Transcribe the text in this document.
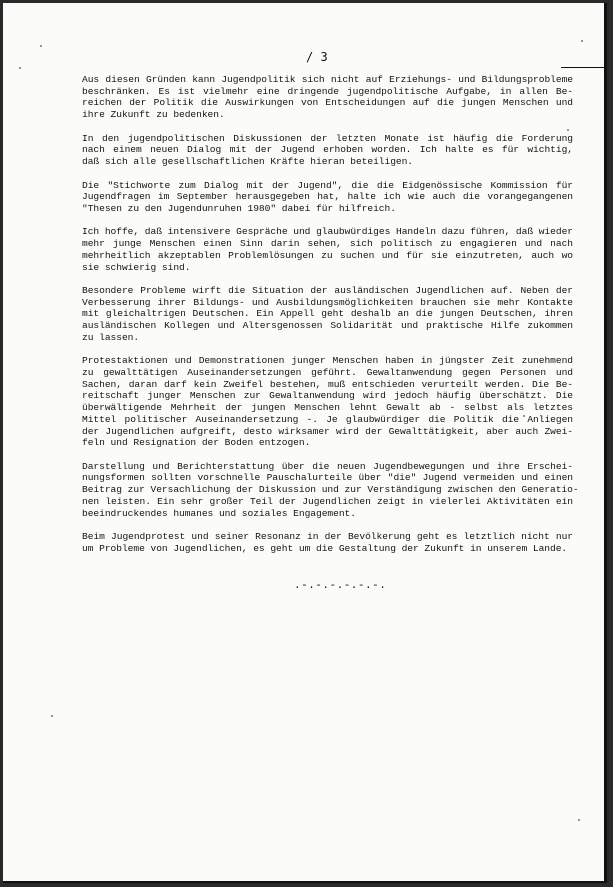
/ 3
Aus diesen Gründen kann Jugendpolitik sich nicht auf Erziehungs- und Bildungsprobleme
beschränken. Es ist vielmehr eine dringende jugendpolitische Aufgabe, in allen Be-
reichen der Politik die Auswirkungen von Entscheidungen auf die jungen Menschen und
ihre Zukunft zu bedenken.
In den jugendpolitischen Diskussionen der letzten Monate ist häufig die Forderung
nach einem neuen Dialog mit der Jugend erhoben worden. Ich halte es für wichtig,
daß sich alle gesellschaftlichen Kräfte hieran beteiligen.
Die "Stichworte zum Dialog mit der Jugend", die die Eidgenössische Kommission für
Jugendfragen im September herausgegeben hat, halte ich wie auch die vorangegangenen
"Thesen zu den Jugendunruhen 1980" dabei für hilfreich.
Ich hoffe, daß intensivere Gespräche und glaubwürdiges Handeln dazu führen, daß wieder
mehr junge Menschen einen Sinn darin sehen, sich politisch zu engagieren und nach
mehrheitlich akzeptablen Problemlösungen zu suchen und für sie einzutreten, auch wo
sie schwierig sind.
Besondere Probleme wirft die Situation der ausländischen Jugendlichen auf. Neben der
Verbesserung ihrer Bildungs- und Ausbildungsmöglichkeiten brauchen sie mehr Kontakte
mit gleichaltrigen Deutschen. Ein Appell geht deshalb an die jungen Deutschen, ihren
ausländischen Kollegen und Altersgenossen Solidarität und praktische Hilfe zukommen
zu lassen.
Protestaktionen und Demonstrationen junger Menschen haben in jüngster Zeit zunehmend
zu gewalttätigen Auseinandersetzungen geführt. Gewaltanwendung gegen Personen und
Sachen, daran darf kein Zweifel bestehen, muß entschieden verurteilt werden. Die Be-
reitschaft junger Menschen zur Gewaltanwendung wird jedoch häufig überschätzt. Die
überwältigende Mehrheit der jungen Menschen lehnt Gewalt ab - selbst als letztes
Mittel politischer Auseinandersetzung -. Je glaubwürdiger die Politik die Anliegen
der Jugendlichen aufgreift, desto wirksamer wird der Gewalttätigkeit, aber auch Zwei-
feln und Resignation der Boden entzogen.
Darstellung und Berichterstattung über die neuen Jugendbewegungen und ihre Erschei-
nungsformen sollten vorschnelle Pauschalurteile über "die" Jugend vermeiden und einen
Beitrag zur Versachlichung der Diskussion und zur Verständigung zwischen den Generatio-
nen leisten. Ein sehr großer Teil der Jugendlichen zeigt in vielerlei Aktivitäten ein
beeindruckendes humanes und soziales Engagement.
Beim Jugendprotest und seiner Resonanz in der Bevölkerung geht es letztlich nicht nur
um Probleme von Jugendlichen, es geht um die Gestaltung der Zukunft in unserem Lande.
.-.-.-.-.-.-.
